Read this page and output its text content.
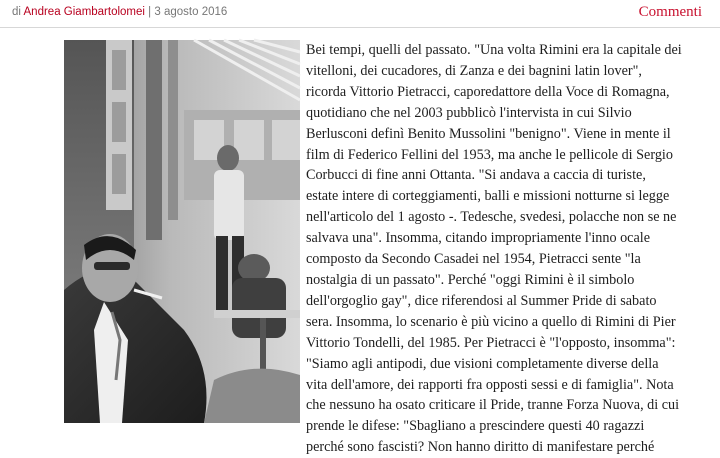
di Andrea Giambartolomei | 3 agosto 2016	Commenti
Bei tempi, quelli del passato. "Una volta Rimini era la capitale dei
vitelloni, dei cucadores, di Zanza e dei bagnini latin lover",
ricorda Vittorio Pietracci, caporedattore della Voce di Romagna,
quotidiano che nel 2003 pubblicò l'intervista in cui Silvio
Berlusconi definì Benito Mussolini "benigno". Viene in mente il
film di Federico Fellini del 1953, ma anche le pellicole di Sergio
Corbucci di fine anni Ottanta. "Si andava a caccia di turiste,
estate intere di corteggiamenti, balli e missioni notturne si legge
nell'articolo del 1 agosto -. Tedesche, svedesi, polacche non se ne
salvava una". Insomma, citando impropriamente l'inno ocale
composto da Secondo Casadei nel 1954, Pietracci sente "la
nostalgia di un passato". Perché "oggi Rimini è il simbolo
dell'orgoglio gay", dice riferendosi al Summer Pride di sabato
sera. Insomma, lo scenario è più vicino a quello di Rimini di Pier
Vittorio Tondelli, del 1985. Per Pietracci è "l'opposto, insomma":
"Siamo agli antipodi, due visioni completamente diverse della
vita dell'amore, dei rapporti fra opposti sessi e di famiglia". Nota
che nessuno ha osato criticare il Pride, tranne Forza Nuova, di cui
prende le difese: "Sbagliano a prescindere questi 40 ragazzi
perché sono fascisti? Non hanno diritto di manifestare perché
